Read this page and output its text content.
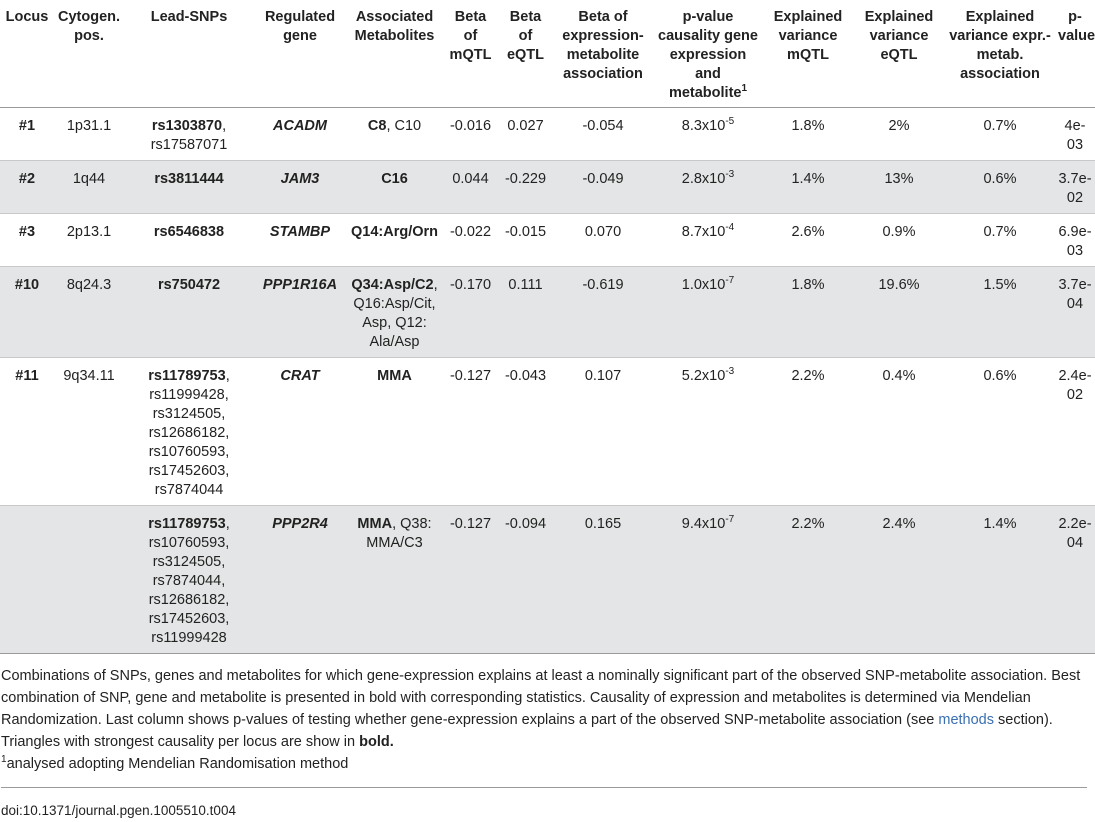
Locus	Cytogen. pos.	Lead-SNPs	Regulated gene	Associated Metabolites	Beta of mQTL	Beta of eQTL	Beta of expression-metabolite association	p-value causality gene expression and metabolite$^1$	Explained variance mQTL	Explained variance eQTL	Explained variance expr.-metab. association	p-value
#1	1p31.1	rs1303870, rs17587071	ACADM	C8, C10	-0.016	0.027	-0.054	$8.3x10^{-5}$	1.8%	2%	0.7%	4e-03
#2	1q44	rs3811444	JAM3	C16	0.044	-0.229	-0.049	$2.8x10^{-3}$	1.4%	13%	0.6%	3.7e-02
#3	2p13.1	rs6546838	STAMBP	Q14:Arg/Orn	-0.022	-0.015	0.070	$8.7x10^{-4}$	2.6%	0.9%	0.7%	6.9e-03
#10	8q24.3	rs750472	PPP1R16A	Q34:Asp/C2, Q16:Asp/Cit, Asp, Q12: Ala/Asp	-0.170	0.111	-0.619	$1.0x10^{-7}$	1.8%	19.6%	1.5%	3.7e-04
#11	9q34.11	rs11789753, rs11999428, rs3124505, rs12686182, rs10760593, rs17452603, rs7874044	CRAT	MMA	-0.127	-0.043	0.107	$5.2x10^{-3}$	2.2%	0.4%	0.6%	2.4e-02
		rs11789753, rs10760593, rs3124505, rs7874044, rs12686182, rs17452603, rs11999428	PPP2R4	MMA, Q38: MMA/C3	-0.127	-0.094	0.165	$9.4x10^{-7}$	2.2%	2.4%	1.4%	2.2e-04

Combinations of SNPs, genes and metabolites for which gene-expression explains at least a nominally significant part of the observed SNP-metabolite association. Best combination of SNP, gene and metabolite is presented in bold with corresponding statistics. Causality of expression and metabolites is determined via Mendelian Randomization. Last column shows p-values of testing whether gene-expression explains a part of the observed SNP-metabolite association (see methods section). Triangles with strongest causality per locus are show in bold.

$^1$analysed adopting Mendelian Randomisation method

doi:10.1371/journal.pgen.1005510.t004
